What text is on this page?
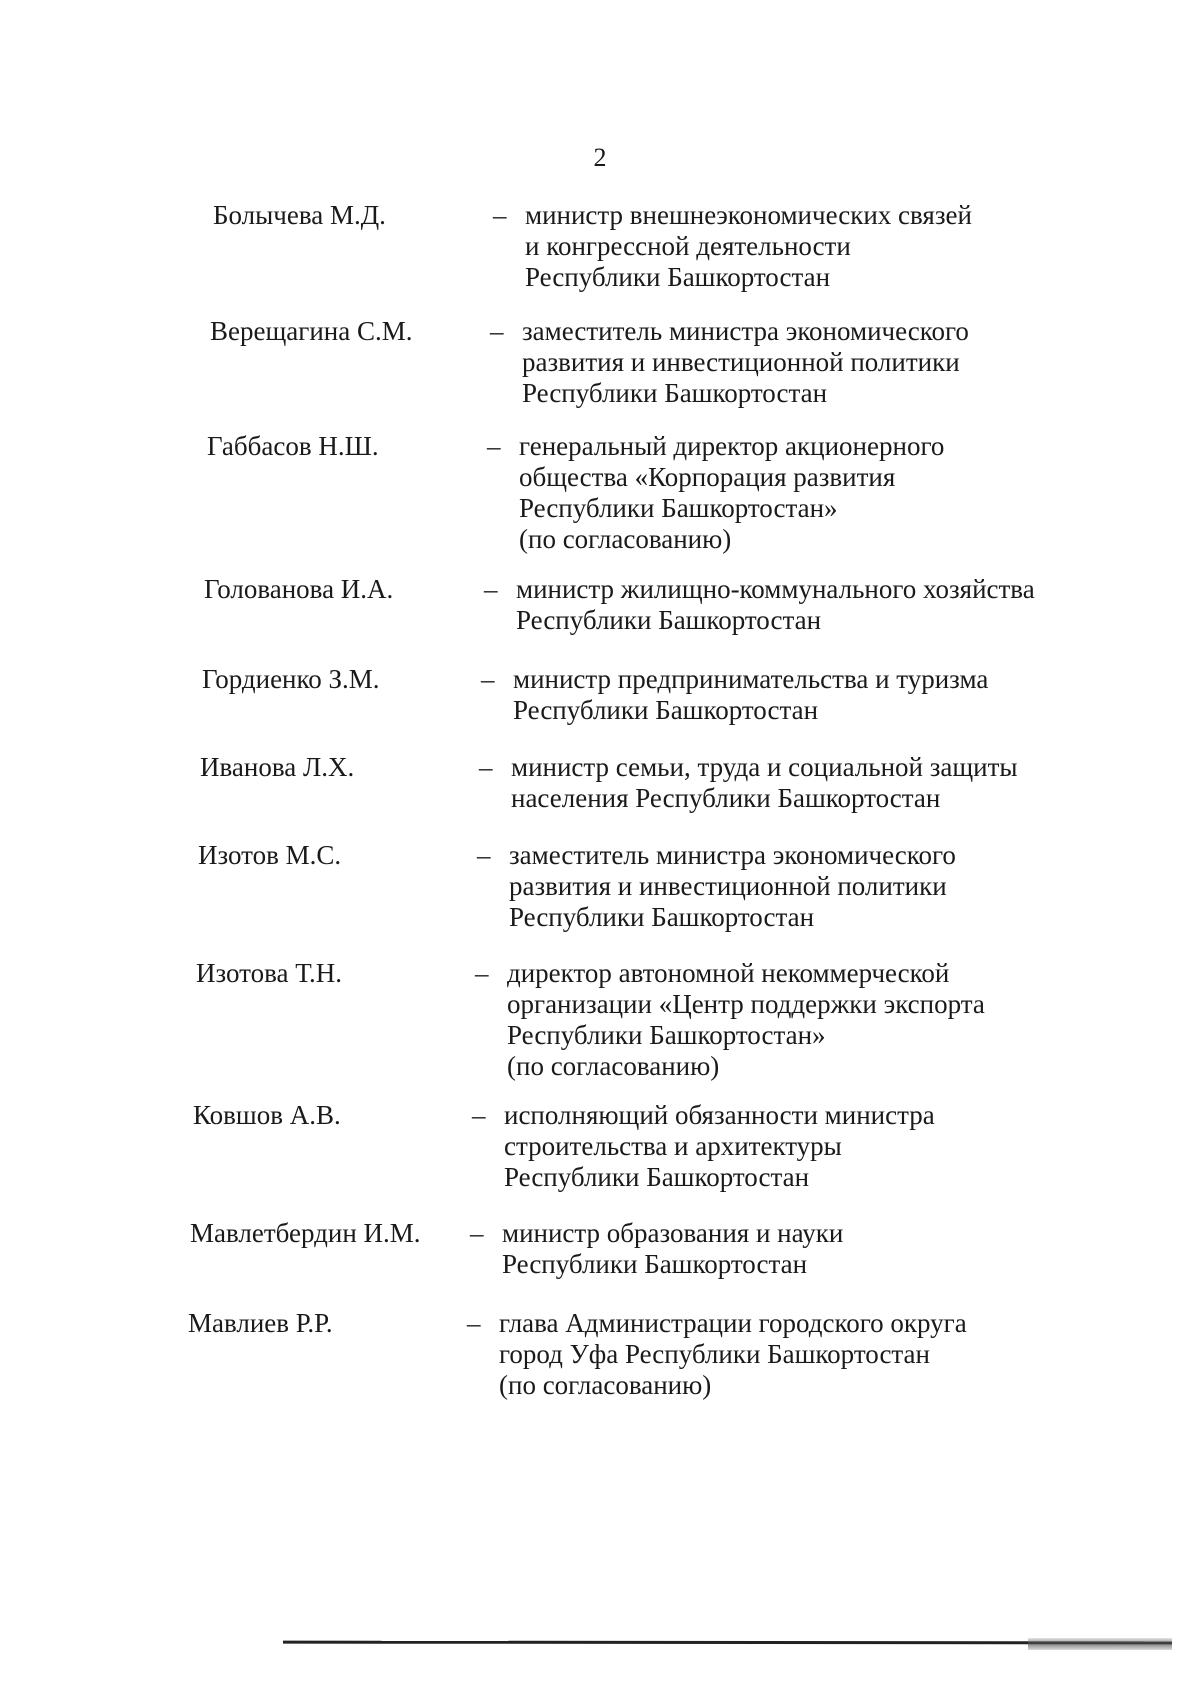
2
Болычева М.Д.	– министр внешнеэкономических связей
и конгрессной деятельности
Республики Башкортостан
Верещагина С.М.	– заместитель министра экономического
развития и инвестиционной политики
Республики Башкортостан
Габбасов Н.Ш.	– генеральный директор акционерного
общества «Корпорация развития
Республики Башкортостан»
(по согласованию)
Голованова И.А.	– министр жилищно-коммунального хозяйства
Республики Башкортостан
Гордиенко З.М.	– министр предпринимательства и туризма
Республики Башкортостан
Иванова Л.Х.	– министр семьи, труда и социальной защиты
населения Республики Башкортостан
Изотов М.С.	– заместитель министра экономического
развития и инвестиционной политики
Республики Башкортостан
Изотова Т.Н.	– директор автономной некоммерческой
организации «Центр поддержки экспорта
Республики Башкортостан»
(по согласованию)
Ковшов А.В.	– исполняющий обязанности министра
строительства и архитектуры
Республики Башкортостан
Мавлетбердин И.М. – министр образования и науки
Республики Башкортостан
Мавлиев Р.Р.	– глава Администрации городского округа
город Уфа Республики Башкортостан
(по согласованию)
